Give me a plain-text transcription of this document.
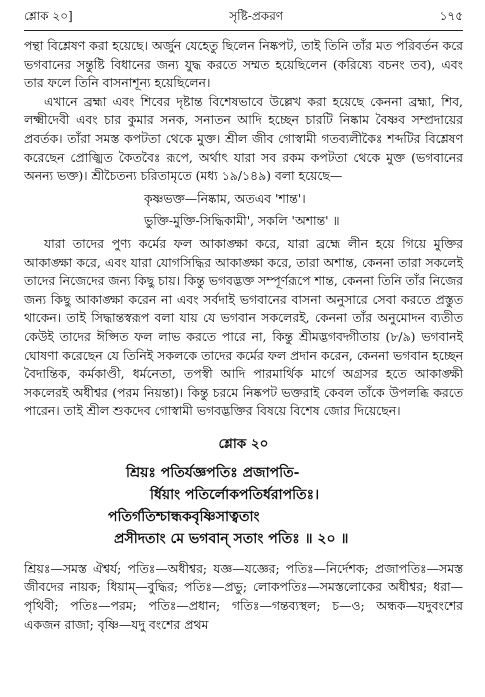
শ্লোক ২০]	সৃষ্টি-প্রকরণ	১৭৫

পন্থা বিশ্লেষণ করা হয়েছে। অর্জুন যেহেতু ছিলেন নিষ্কপট, তাই তিনি তাঁর মত পরিবর্তন করে ভগবানের সন্তুষ্টি বিধানের জন্য যুদ্ধ করতে সম্মত হয়েছিলেন (করিষ্যে বচনং তব), এবং তার ফলে তিনি বাসনাশূন্য হয়েছিলেন।

এখানে ব্রহ্মা এবং শিবের দৃষ্টান্ত বিশেষভাবে উল্লেখ করা হয়েছে কেননা ব্রহ্মা, শিব, লক্ষ্মীদেবী এবং চার কুমার সনক, সনাতন আদি হচ্ছেন চারটি নিষ্কাম বৈষ্ণব সম্প্রদায়ের প্রবর্তক। তাঁরা সমস্ত কপটতা থেকে মুক্ত। শ্রীল জীব গোস্বামী গতব্যলীকৈঃ শব্দটির বিশ্লেষণ করেছেন প্রোজ্ঝিত কৈতবৈঃ রূপে, অর্থাৎ যারা সব রকম কপটতা থেকে মুক্ত (ভগবানের অনন্য ভক্ত)। শ্রীচৈতন্য চরিতামৃতে (মধ্য ১৯/১৪৯) বলা হয়েছে—

কৃষ্ণভক্ত—নিষ্কাম, অতএব 'শান্ত'।
ভুক্তি-মুক্তি-সিদ্ধিকামী', সকলি 'অশান্ত' ॥

যারা তাদের পুণ্য কর্মের ফল আকাঙ্ক্ষা করে, যারা ব্রহ্মে লীন হয়ে গিয়ে মুক্তির আকাঙ্ক্ষা করে, এবং যারা যোগসিদ্ধির আকাঙ্ক্ষা করে, তারা অশান্ত, কেননা তারা সকলেই তাদের নিজেদের জন্য কিছু চায়। কিন্তু ভগবদ্ভক্ত সম্পূর্ণরূপে শান্ত, কেননা তিনি তাঁর নিজের জন্য কিছু আকাঙ্ক্ষা করেন না এবং সর্বদাই ভগবানের বাসনা অনুসারে সেবা করতে প্রস্তুত থাকেন। তাই সিদ্ধান্তস্বরূপ বলা যায় যে ভগবান সকলেরই, কেননা তাঁর অনুমোদন ব্যতীত কেউই তাদের ঈপ্সিত ফল লাভ করতে পারে না, কিন্তু শ্রীমদ্ভগবদ্গীতায় (৮/৯) ভগবানই ঘোষণা করেছেন যে তিনিই সকলকে তাদের কর্মের ফল প্রদান করেন, কেননা ভগবান হচ্ছেন বৈদান্তিক, কর্মকাণ্ডী, ধর্মনেতা, তপস্বী আদি পারমার্থিক মার্গে অগ্রসর হতে আকাঙ্ক্ষী সকলেরই অধীশ্বর (পরম নিয়ন্তা)। কিন্তু চরমে নিষ্কপট ভক্তরাই কেবল তাঁকে উপলব্ধি করতে পারেন। তাই শ্রীল শুকদেব গোস্বামী ভগবদ্ভক্তির বিষয়ে বিশেষ জোর দিয়েছেন।

শ্লোক ২০
শ্রিয়ঃ পতির্যজ্ঞপতিঃ প্রজাপতি-
র্ধিয়াং পতির্লোকপতির্ধরাপতিঃ।
পতির্গতিশ্চান্ধকবৃষ্ণিসাত্বতাং
প্রসীদতাং মে ভগবান্ সতাং পতিঃ ॥ ২০ ॥
শ্রিয়ঃ—সমস্ত ঐশ্বর্য; পতিঃ—অধীশ্বর; যজ্ঞ—যজ্ঞের; পতিঃ—নির্দেশক; প্রজাপতিঃ—সমস্ত জীবদের নায়ক; ধিয়াম্—বুদ্ধির; পতিঃ—প্রভু; লোকপতিঃ—সমস্তলোকের অধীশ্বর; ধরা—পৃথিবী; পতিঃ—পরম; পতিঃ—প্রধান; গতিঃ—গন্তব্যস্থল; চ—ও; অন্ধক—যদুবংশের একজন রাজা; বৃষ্ণি—যদু বংশের প্রথম
